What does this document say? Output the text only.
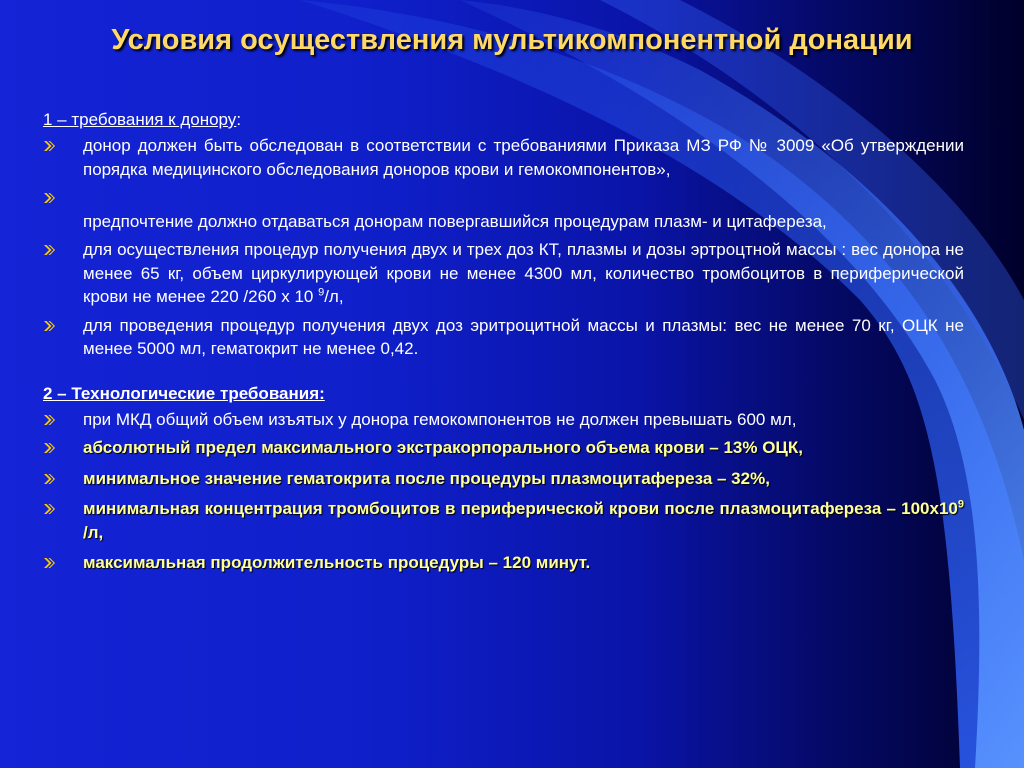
Условия осуществления мультикомпонентной донации
1 – требования к донору:
донор должен быть обследован в соответствии с требованиями Приказа МЗ РФ № 3009 «Об утверждении порядка медицинского обследования доноров крови и гемокомпонентов»,
предпочтение должно отдаваться донорам повергавшийся процедурам плазм- и цитафереза,
для осуществления процедур получения двух и трех доз КТ, плазмы и дозы эртроцтной массы : вес донора не менее 65 кг, объем циркулирующей крови не менее 4300 мл, количество тромбоцитов в периферической крови не менее 220 /260 х 10 $^9$/л,
для проведения процедур получения двух доз эритроцитной массы и плазмы: вес не менее 70 кг, ОЦК не менее 5000 мл, гематокрит не менее 0,42.
2 – Технологические требования:
при МКД общий объем изъятых у донора гемокомпонентов не должен превышать 600 мл,
абсолютный предел максимального экстракорпорального объема крови – 13% ОЦК,
минимальное значение гематокрита после процедуры плазмоцитафереза – 32%,
минимальная концентрация тромбоцитов в периферической крови после плазмоцитафереза – $100х10^9$ /л,
максимальная продолжительность процедуры – 120 минут.
